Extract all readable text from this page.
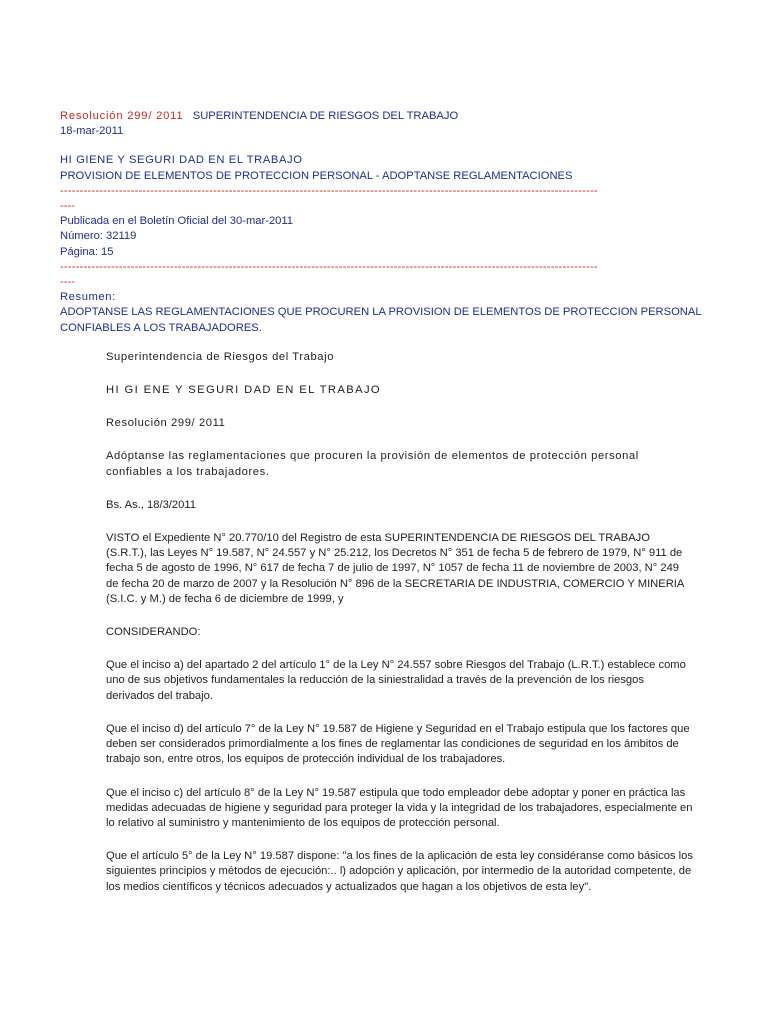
Resolución 299/ 2011 SUPERINTENDENCIA DE RIESGOS DEL TRABAJO
18-mar-2011
HI GIENE Y SEGURI DAD EN EL TRABAJO
PROVISION DE ELEMENTOS DE PROTECCION PERSONAL - ADOPTANSE REGLAMENTACIONES
-----------------------------------------------------------------------------------------------------------------------------------------
----
Publicada en el Boletín Oficial del 30-mar-2011
Número: 32119
Página: 15
-----------------------------------------------------------------------------------------------------------------------------------------
----
Resumen:
ADOPTANSE LAS REGLAMENTACIONES QUE PROCUREN LA PROVISION DE ELEMENTOS DE PROTECCION PERSONAL
CONFIABLES A LOS TRABAJADORES.

Superintendencia de Riesgos del Trabajo

HI GI ENE Y SEGURI DAD EN EL TRABAJO

Resolución 299/ 2011

Adóptanse las reglamentaciones que procuren la provisión de elementos de protección personal confiables a los trabajadores.

Bs. As., 18/3/2011

VISTO el Expediente N° 20.770/10 del Registro de esta SUPERINTENDENCIA DE RIESGOS DEL TRABAJO (S.R.T.), las Leyes N° 19.587, N° 24.557 y N° 25.212, los Decretos N° 351 de fecha 5 de febrero de 1979, N° 911 de fecha 5 de agosto de 1996, N° 617 de fecha 7 de julio de 1997, N° 1057 de fecha 11 de noviembre de 2003, N° 249 de fecha 20 de marzo de 2007 y la Resolución N° 896 de la SECRETARIA DE INDUSTRIA, COMERCIO Y MINERIA (S.I.C. y M.) de fecha 6 de diciembre de 1999, y

CONSIDERANDO:

Que el inciso a) del apartado 2 del artículo 1° de la Ley N° 24.557 sobre Riesgos del Trabajo (L.R.T.) establece como uno de sus objetivos fundamentales la reducción de la siniestralidad a través de la prevención de los riesgos derivados del trabajo.

Que el inciso d) del artículo 7° de la Ley N° 19.587 de Higiene y Seguridad en el Trabajo estipula que los factores que deben ser considerados primordialmente a los fines de reglamentar las condiciones de seguridad en los ámbitos de trabajo son, entre otros, los equipos de protección individual de los trabajadores.

Que el inciso c) del artículo 8° de la Ley N° 19.587 estipula que todo empleador debe adoptar y poner en práctica las medidas adecuadas de higiene y seguridad para proteger la vida y la integridad de los trabajadores, especialmente en lo relativo al suministro y mantenimiento de los equipos de protección personal.

Que el artículo 5° de la Ley N° 19.587 dispone: "a los fines de la aplicación de esta ley considéranse como básicos los siguientes principios y métodos de ejecución:.. l) adopción y aplicación, por intermedio de la autoridad competente, de los medios científicos y técnicos adecuados y actualizados que hagan a los objetivos de esta ley".
